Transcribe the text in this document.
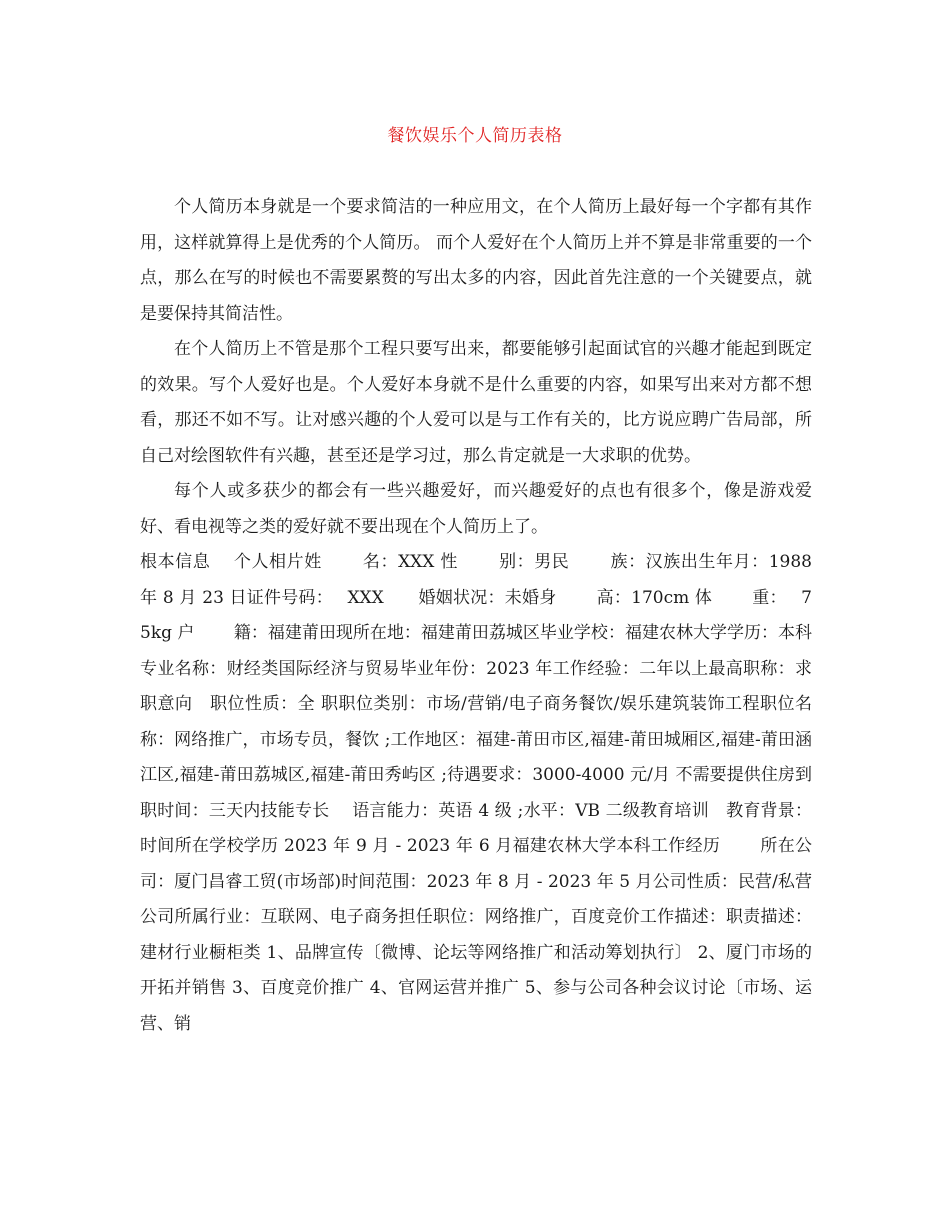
餐饮娱乐个人简历表格

个人简历本身就是一个要求简洁的一种应用文，在个人简历上最好每一个字都有其作用，这样就算得上是优秀的个人简历。 而个人爱好在个人简历上并不算是非常重要的一个点，那么在写的时候也不需要累赘的写出太多的内容，因此首先注意的一个关键要点，就是要保持其简洁性。

在个人简历上不管是那个工程只要写出来，都要能够引起面试官的兴趣才能起到既定的效果。写个人爱好也是。个人爱好本身就不是什么重要的内容，如果写出来对方都不想看，那还不如不写。让对感兴趣的个人爱可以是与工作有关的，比方说应聘广告局部，所自己对绘图软件有兴趣，甚至还是学习过，那么肯定就是一大求职的优势。

每个人或多获少的都会有一些兴趣爱好，而兴趣爱好的点也有很多个，像是游戏爱好、看电视等之类的爱好就不要出现在个人简历上了。

根本信息　 个人相片姓　　 名：XXX 性　　 别：男民　　 族：汉族出生年月：1988 年 8 月 23 日证件号码：　 XXX　　婚姻状况：未婚身　　 高：170cm 体　　 重：　 75kg 户　　 籍：福建莆田现所在地：福建莆田荔城区毕业学校：福建农林大学学历：本科专业名称：财经类国际经济与贸易毕业年份：2023 年工作经验：二年以上最高职称：求职意向　职位性质：全 职职位类别：市场/营销/电子商务餐饮/娱乐建筑装饰工程职位名称：网络推广，市场专员，餐饮 ;工作地区：福建-莆田市区,福建-莆田城厢区,福建-莆田涵江区,福建-莆田荔城区,福建-莆田秀屿区 ;待遇要求：3000-4000 元/月 不需要提供住房到职时间：三天内技能专长　 语言能力：英语 4 级 ;水平：VB 二级教育培训　教育背景：时间所在学校学历 2023 年 9 月 - 2023 年 6 月福建农林大学本科工作经历　　 所在公司：厦门昌睿工贸(市场部)时间范围：2023 年 8 月 - 2023 年 5 月公司性质：民营/私营公司所属行业：互联网、电子商务担任职位：网络推广，百度竞价工作描述：职责描述：建材行业橱柜类 1、品牌宣传〔微博、论坛等网络推广和活动筹划执行〕 2、厦门市场的开拓并销售 3、百度竞价推广 4、官网运营并推广 5、参与公司各种会议讨论〔市场、运营、销
